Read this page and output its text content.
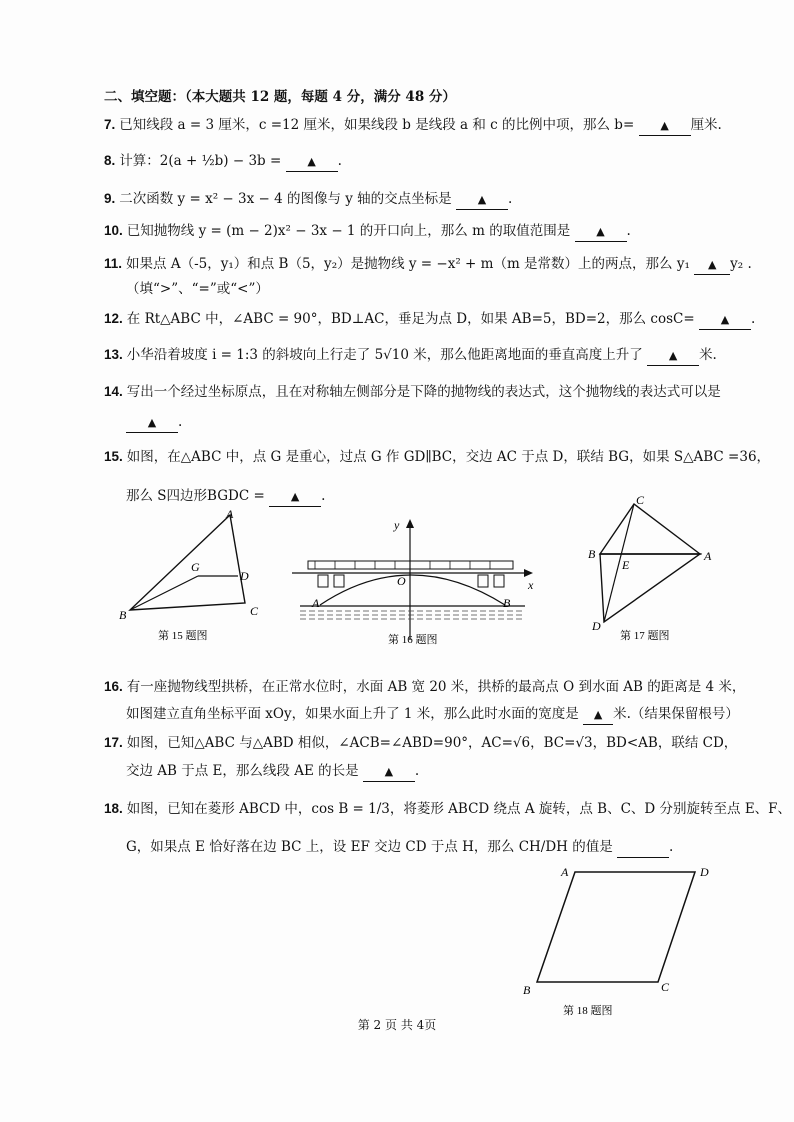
二、填空题：（本大题共 12 题，每题 4 分，满分 48 分）
7. 已知线段 a = 3 厘米，c =12 厘米，如果线段 b 是线段 a 和 c 的比例中项，那么 b= ▲ 厘米.
8. 计算：2(a + ½b) − 3b = ▲ .
9. 二次函数 y = x² − 3x − 4 的图像与 y 轴的交点坐标是 ▲ .
10. 已知抛物线 y = (m − 2)x² − 3x − 1 的开口向上，那么 m 的取值范围是 ▲ .
11. 如果点 A（-5，y₁）和点 B（5，y₂）是抛物线 y = −x² + m（m 是常数）上的两点，那么 y₁ ▲ y₂ .
（填“>”、“=”或“<”）
12. 在 Rt△ABC 中，∠ABC = 90°，BD⊥AC，垂足为点 D，如果 AB=5，BD=2，那么 cosC= ▲ .
13. 小华沿着坡度 i = 1:3 的斜坡向上行走了 5√10 米，那么他距离地面的垂直高度上升了 ▲ 米.
14. 写出一个经过坐标原点，且在对称轴左侧部分是下降的抛物线的表达式，这个抛物线的表达式可以是
▲ .
15. 如图，在△ABC 中，点 G 是重心，过点 G 作 GD∥BC，交边 AC 于点 D，联结 BG，如果 S△ABC =36，
那么 S四边形BGDC = ▲ .
A
B	C
G
D
第 15 题图
y
x
O
A	B
第 16 题图
C
B	A
E
D
第 17 题图
16. 有一座抛物线型拱桥，在正常水位时，水面 AB 宽 20 米，拱桥的最高点 O 到水面 AB 的距离是 4 米，
如图建立直角坐标平面 xOy，如果水面上升了 1 米，那么此时水面的宽度是 ▲ 米.（结果保留根号）
17. 如图，已知△ABC 与△ABD 相似，∠ACB=∠ABD=90°，AC=√6，BC=√3，BD<AB，联结 CD，
交边 AB 于点 E，那么线段 AE 的长是 ▲ .
18. 如图，已知在菱形 ABCD 中，cos B = 1/3，将菱形 ABCD 绕点 A 旋转，点 B、C、D 分别旋转至点 E、F、
G，如果点 E 恰好落在边 BC 上，设 EF 交边 CD 于点 H，那么 CH/DH 的值是	.
A	D
B	C
第 18 题图
第 2 页 共 4页
